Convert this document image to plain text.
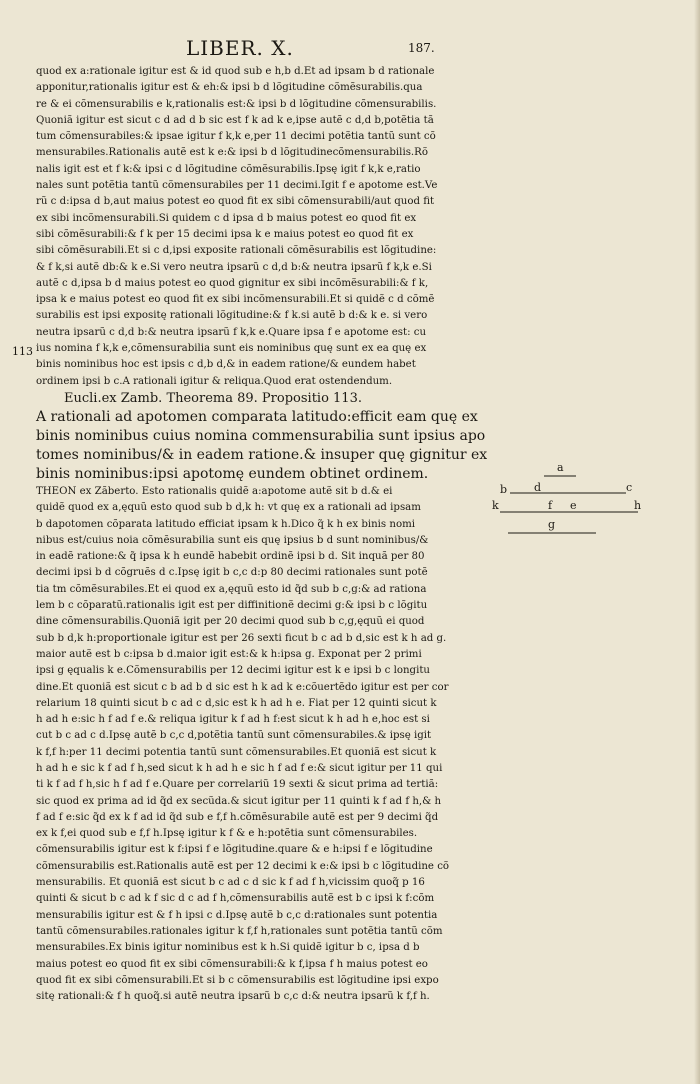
LIBER. X.	187.
113
quod ex a:rationale igitur est & id quod sub e h,b d.Et ad ipsam b d rationale
apponitur,rationalis igitur est & eh:& ipsi b d lõgitudine cõmẽsurabilis.qua
re & ei cõmensurabilis e k,rationalis est:& ipsi b d lõgitudine cõmensurabilis.
Quoniã igitur est sicut c d ad d b sic est f k ad k e,ipse autẽ c d,d b,potẽtia tã
tum cõmensurabiles:& ipsae igitur f k,k e,per 11 decimi potẽtia tantũ sunt cõ
mensurabiles.Rationalis autẽ est k e:& ipsi b d lõgitudinecõmensurabilis.Rõ
nalis igit est et f k:& ipsi c d lõgitudine cõmẽsurabilis.Ipsę igit f k,k e,ratio
nales sunt potẽtia tantũ cõmensurabiles per 11 decimi.Igit f e apotome est.Ve
rũ c d:ipsa d b,aut maius potest eo quod fit ex sibi cõmensurabili/aut quod fit
ex sibi incõmensurabili.Si quidem c d ipsa d b maius potest eo quod fit ex
sibi cõmẽsurabili:& f k per 15 decimi ipsa k e maius potest eo quod fit ex
sibi cõmẽsurabili.Et si c d,ipsi exposite rationali cõmẽsurabilis est lõgitudine:
& f k,si autẽ db:& k e.Si vero neutra ipsarũ c d,d b:& neutra ipsarũ f k,k e.Si
autẽ c d,ipsa b d maius potest eo quod gignitur ex sibi incõmẽsurabili:& f k,
ipsa k e maius potest eo quod fit ex sibi incõmensurabili.Et si quidẽ c d cõmẽ
surabilis est ipsi expositę rationali lõgitudine:& f k.si autẽ b d:& k e. si vero
neutra ipsarũ c d,d b:& neutra ipsarũ f k,k e.Quare ipsa f e apotome est: cu
ius nomina f k,k e,cõmensurabilia sunt eis nominibus quę sunt ex ea quę ex
binis nominibus hoc est ipsis c d,b d,& in eadem ratione/& eundem habet
ordinem ipsi b c.A rationali igitur & reliqua.Quod erat ostendendum.
Eucli.ex Zamb. Theorema 89. Propositio 113.
A rationali ad apotomen comparata latitudo:efficit eam quę ex
binis nominibus cuius nomina commensurabilia sunt ipsius apo
tomes nominibus/& in eadem ratione.& insuper quę gignitur ex
binis nominibus:ipsi apotomę eundem obtinet ordinem.
THEON ex Zãberto. Esto rationalis quidẽ a:apotome autẽ sit b d.& ei
quidẽ quod ex a,ęquũ esto quod sub b d,k h: vt quę ex a rationali ad ipsam
b dapotomen cõparata latitudo efficiat ipsam k h.Dico q̃ k h ex binis nomi
nibus est/cuius noia cõmẽsurabilia sunt eis quę ipsius b d sunt nominibus/&
in eadẽ ratione:& q̃ ipsa k h eundẽ habebit ordinẽ ipsi b d. Sit inquã per 80
decimi ipsi b d cõgruẽs d c.Ipsę igit b c,c d:p 80 decimi rationales sunt potẽ
tia tm cõmẽsurabiles.Et ei quod ex a,ęquũ esto id q̃d sub b c,g:& ad rationa
lem b c cõparatũ.rationalis igit est per diffinitionẽ decimi g:& ipsi b c lõgitu
dine cõmensurabilis.Quoniã igit per 20 decimi quod sub b c,g,ęquũ ei quod
sub b d,k h:proportionale igitur est per 26 sexti ficut b c ad b d,sic est k h ad g.
maior autẽ est b c:ipsa b d.maior igit est:& k h:ipsa g. Exponat per 2 primi
ipsi g ęqualis k e.Cõmensurabilis per 12 decimi igitur est k e ipsi b c longitu
dine.Et quoniã est sicut c b ad b d sic est h k ad k e:cõuertẽdo igitur est per cor
relarium 18 quinti sicut b c ad c d,sic est k h ad h e. Fiat per 12 quinti sicut k
h ad h e:sic h f ad f e.& reliqua igitur k f ad h f:est sicut k h ad h e,hoc est si
cut b c ad c d.Ipsę autẽ b c,c d,potẽtia tantũ sunt cõmensurabiles.& ipsę igit
k f,f h:per 11 decimi potentia tantũ sunt cõmensurabiles.Et quoniã est sicut k
h ad h e sic k f ad f h,sed sicut k h ad h e sic h f ad f e:& sicut igitur per 11 qui
ti k f ad f h,sic h f ad f e.Quare per correlariũ 19 sexti & sicut prima ad tertiã:
sic quod ex prima ad id q̃d ex secũda.& sicut igitur per 11 quinti k f ad f h,& h
f ad f e:sic q̃d ex k f ad id q̃d sub e f,f h.cõmẽsurabile autẽ est per 9 decimi q̃d
ex k f,ei quod sub e f,f h.Ipsę igitur k f & e h:potẽtia sunt cõmensurabiles.
cõmensurabilis igitur est k f:ipsi f e lõgitudine.quare & e h:ipsi f e lõgitudine
cõmensurabilis est.Rationalis autẽ est per 12 decimi k e:& ipsi b c lõgitudine cõ
mensurabilis. Et quoniã est sicut b c ad c d sic k f ad f h,vicissim quoq̃ p 16
quinti & sicut b c ad k f sic d c ad f h,cõmensurabilis autẽ est b c ipsi k f:cõm
mensurabilis igitur est & f h ipsi c d.Ipsę autẽ b c,c d:rationales sunt potentia
tantũ cõmensurabiles.rationales igitur k f,f h,rationales sunt potẽtia tantũ cõm
mensurabiles.Ex binis igitur nominibus est k h.Si quidẽ igitur b c, ipsa d b
maius potest eo quod fit ex sibi cõmensurabili:& k f,ipsa f h maius potest eo
quod fit ex sibi cõmensurabili.Et si b c cõmensurabilis est lõgitudine ipsi expo
sitę rationali:& f h quoq̃.si autẽ neutra ipsarũ b c,c d:& neutra ipsarũ k f,f h.
a
b d	c
k	f e	h
g
